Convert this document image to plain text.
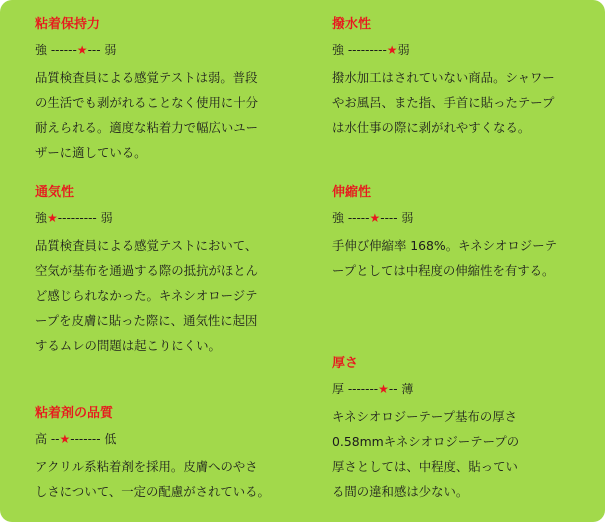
粘着保持力
強 ------★--- 弱
品質検査員による感覚テストは弱。普段
の生活でも剥がれることなく使用に十分
耐えられる。適度な粘着力で幅広いユー
ザーに適している。
撥水性
強 ---------★弱
撥水加工はされていない商品。シャワー
やお風呂、また指、手首に貼ったテープ
は水仕事の際に剥がれやすくなる。
通気性
強★--------- 弱
品質検査員による感覚テストにおいて、
空気が基布を通過する際の抵抗がほとん
ど感じられなかった。キネシオロージテ
ープを皮膚に貼った際に、通気性に起因
するムレの問題は起こりにくい。
伸縮性
強 -----★---- 弱
手伸び伸縮率 168%。キネシオロジーテ
ープとしては中程度の伸縮性を有する。
厚さ
厚 -------★-- 薄
キネシオロジーテープ基布の厚さ
0.58mmキネシオロジーテープの
厚さとしては、中程度、貼ってい
る間の違和感は少ない。
粘着剤の品質
高 --★------- 低
アクリル系粘着剤を採用。皮膚へのやさ
しさについて、一定の配慮がされている。
